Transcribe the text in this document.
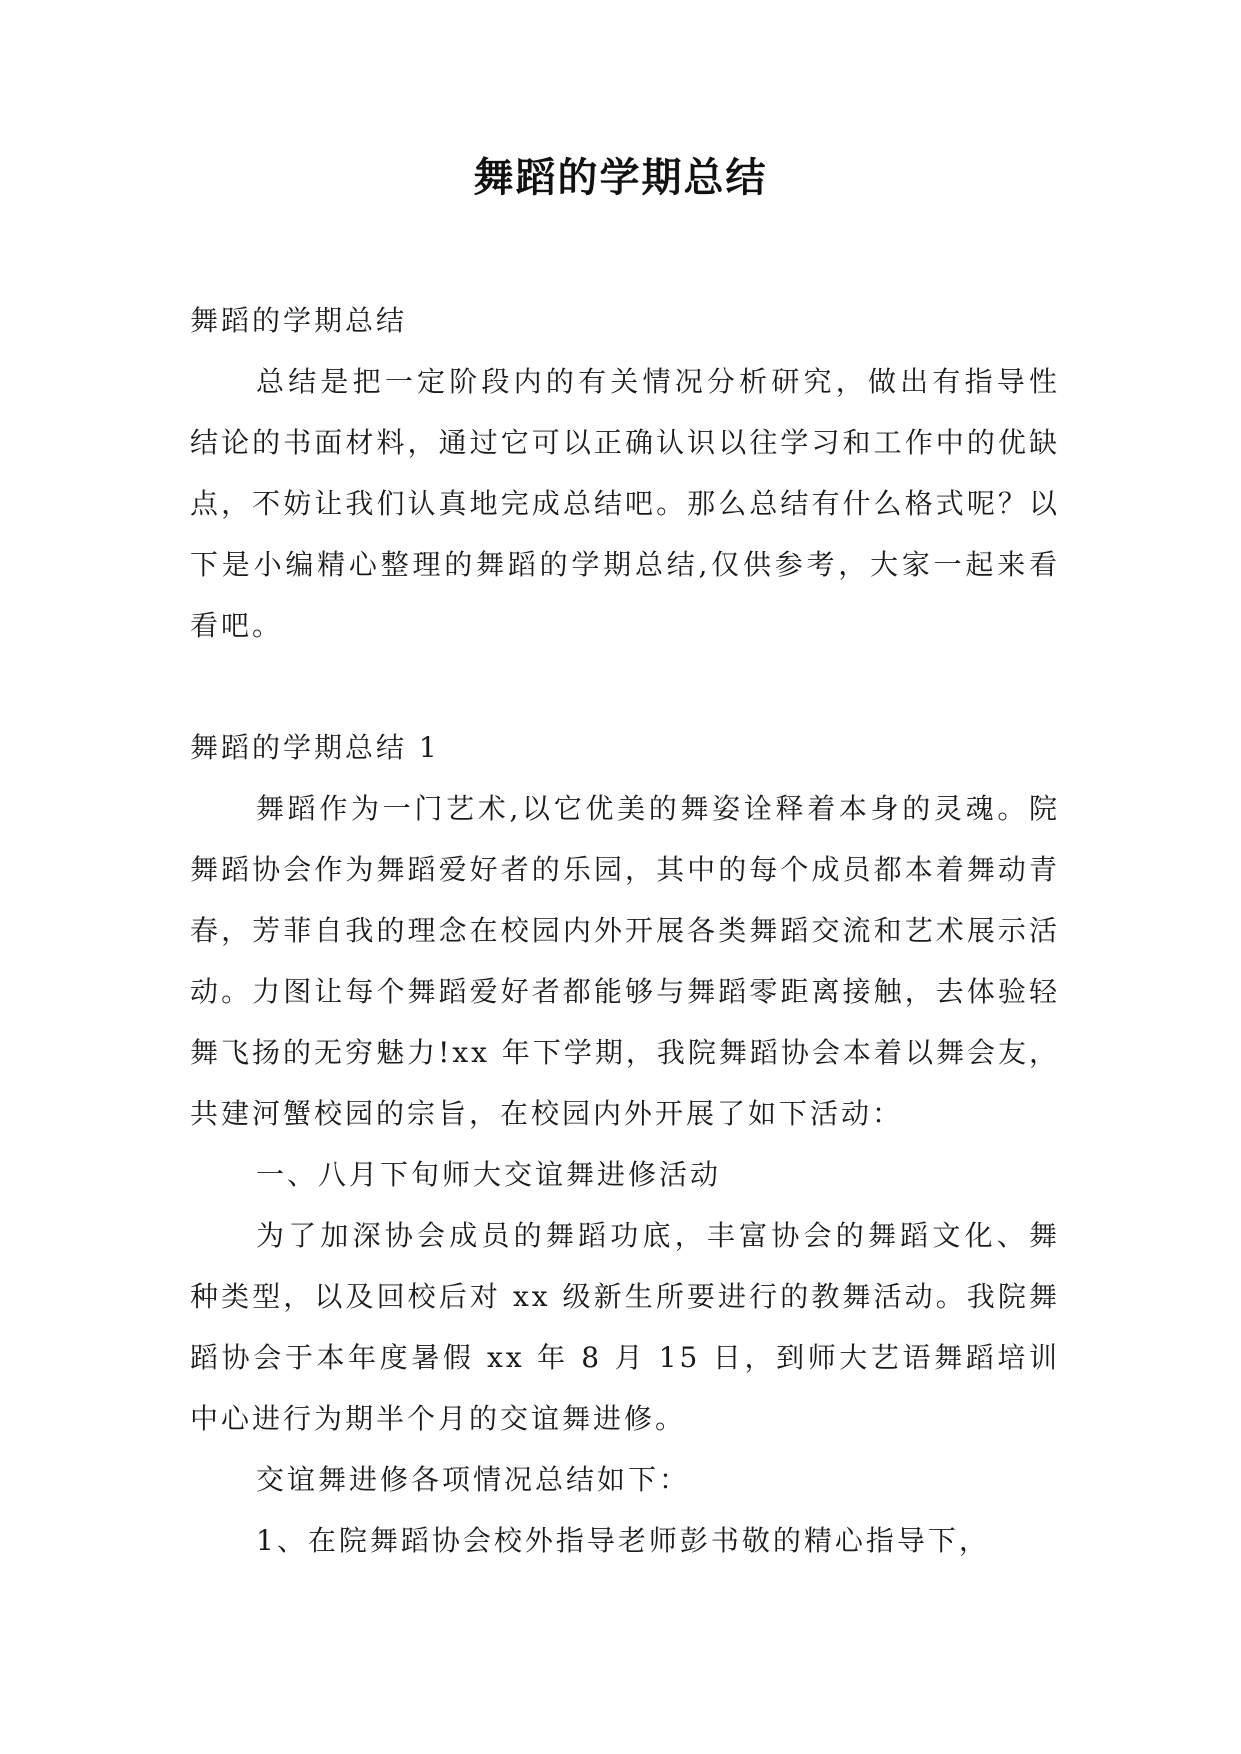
舞蹈的学期总结

舞蹈的学期总结

总结是把一定阶段内的有关情况分析研究，做出有指导性结论的书面材料，通过它可以正确认识以往学习和工作中的优缺点，不妨让我们认真地完成总结吧。那么总结有什么格式呢？以下是小编精心整理的舞蹈的学期总结,仅供参考，大家一起来看看吧。

舞蹈的学期总结 1

舞蹈作为一门艺术,以它优美的舞姿诠释着本身的灵魂。院舞蹈协会作为舞蹈爱好者的乐园，其中的每个成员都本着舞动青春，芳菲自我的理念在校园内外开展各类舞蹈交流和艺术展示活动。力图让每个舞蹈爱好者都能够与舞蹈零距离接触，去体验轻舞飞扬的无穷魅力!xx 年下学期，我院舞蹈协会本着以舞会友，共建河蟹校园的宗旨，在校园内外开展了如下活动：

一、八月下旬师大交谊舞进修活动

为了加深协会成员的舞蹈功底，丰富协会的舞蹈文化、舞种类型，以及回校后对 xx 级新生所要进行的教舞活动。我院舞蹈协会于本年度暑假 xx 年 8 月 15 日，到师大艺语舞蹈培训中心进行为期半个月的交谊舞进修。

交谊舞进修各项情况总结如下：

1、在院舞蹈协会校外指导老师彭书敬的精心指导下，
